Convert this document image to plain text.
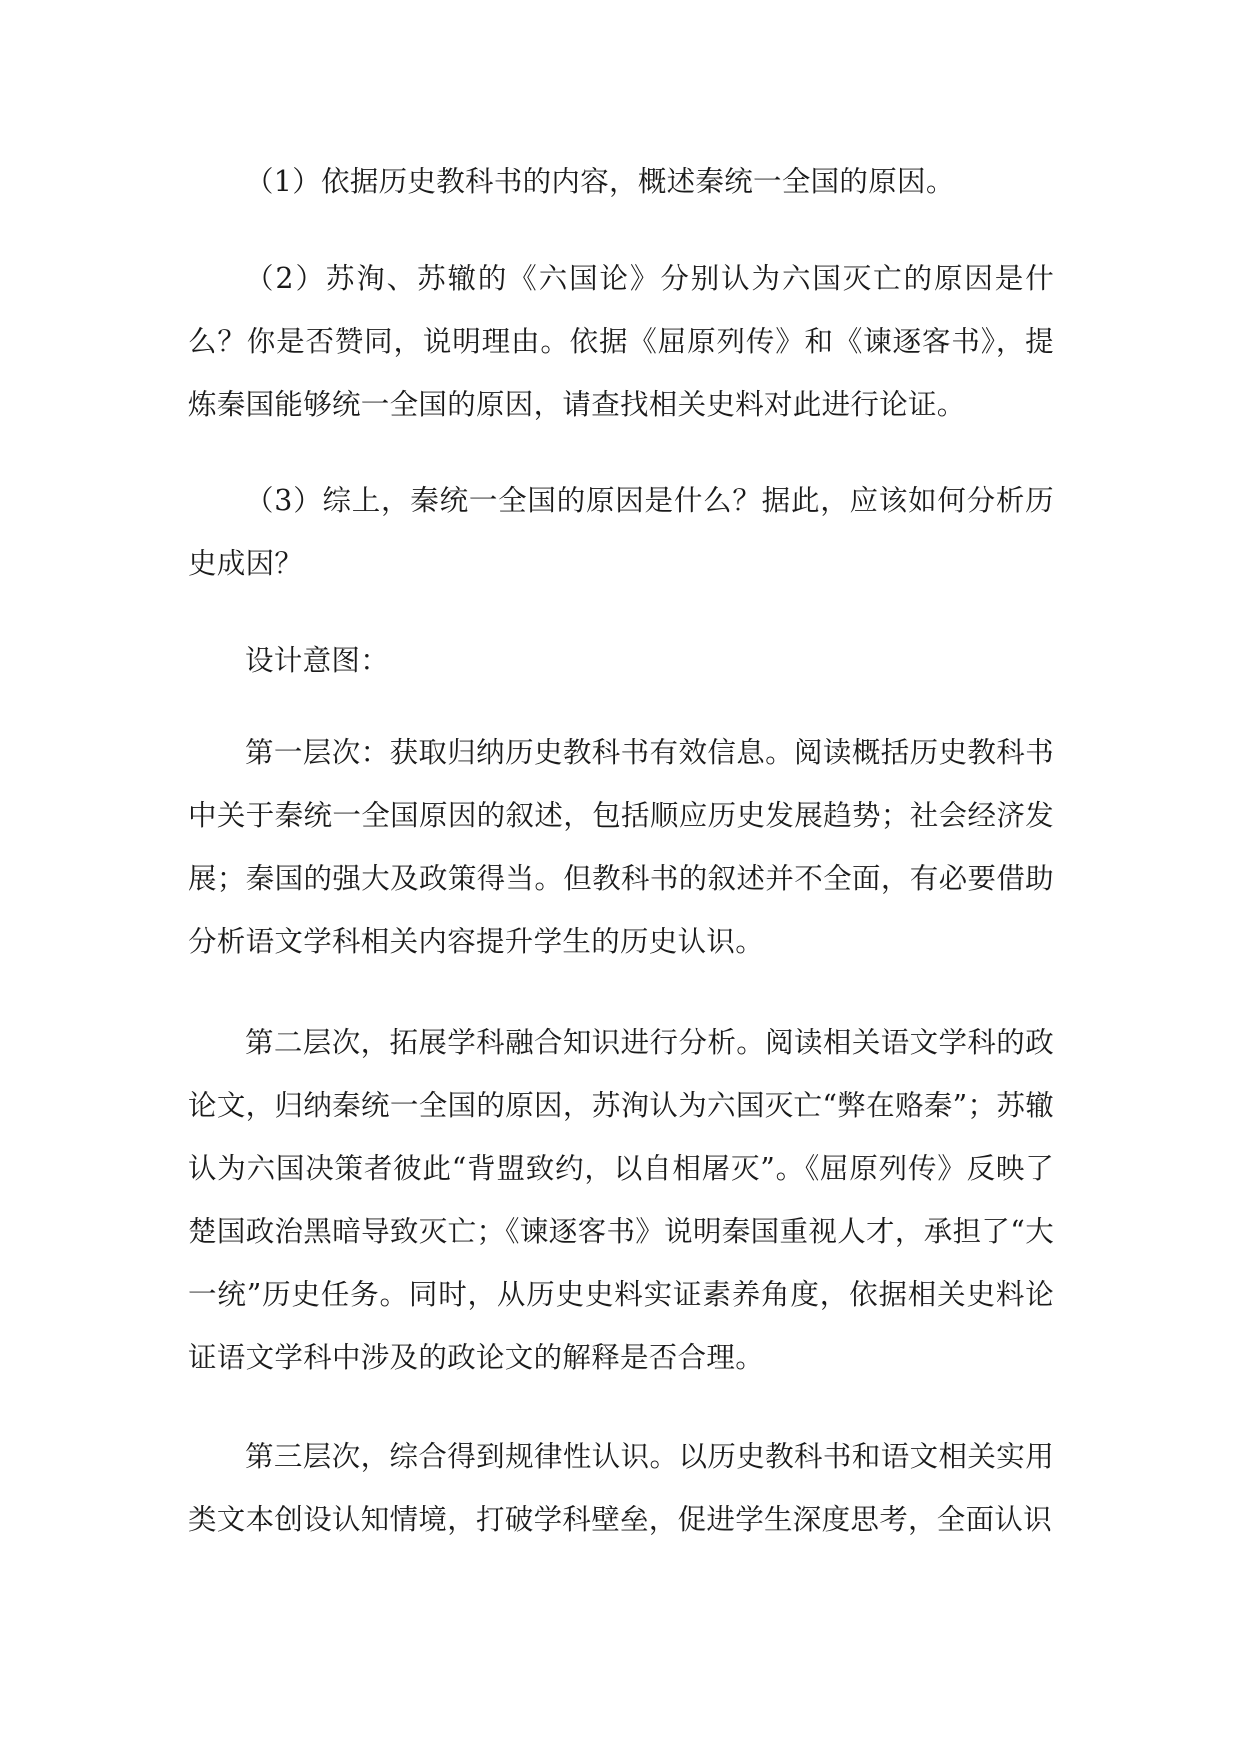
（1）依据历史教科书的内容，概述秦统一全国的原因。

（2）苏洵、苏辙的《六国论》分别认为六国灭亡的原因是什么？你是否赞同，说明理由。依据《屈原列传》和《谏逐客书》，提炼秦国能够统一全国的原因，请查找相关史料对此进行论证。

（3）综上，秦统一全国的原因是什么？据此，应该如何分析历史成因？

设计意图：

第一层次：获取归纳历史教科书有效信息。阅读概括历史教科书中关于秦统一全国原因的叙述，包括顺应历史发展趋势；社会经济发展；秦国的强大及政策得当。但教科书的叙述并不全面，有必要借助分析语文学科相关内容提升学生的历史认识。

第二层次，拓展学科融合知识进行分析。阅读相关语文学科的政论文，归纳秦统一全国的原因，苏洵认为六国灭亡“弊在赂秦”；苏辙认为六国决策者彼此“背盟致约，以自相屠灭”。《屈原列传》反映了楚国政治黑暗导致灭亡；《谏逐客书》说明秦国重视人才，承担了“大一统”历史任务。同时，从历史史料实证素养角度，依据相关史料论证语文学科中涉及的政论文的解释是否合理。

第三层次，综合得到规律性认识。以历史教科书和语文相关实用类文本创设认知情境，打破学科壁垒，促进学生深度思考，全面认识
